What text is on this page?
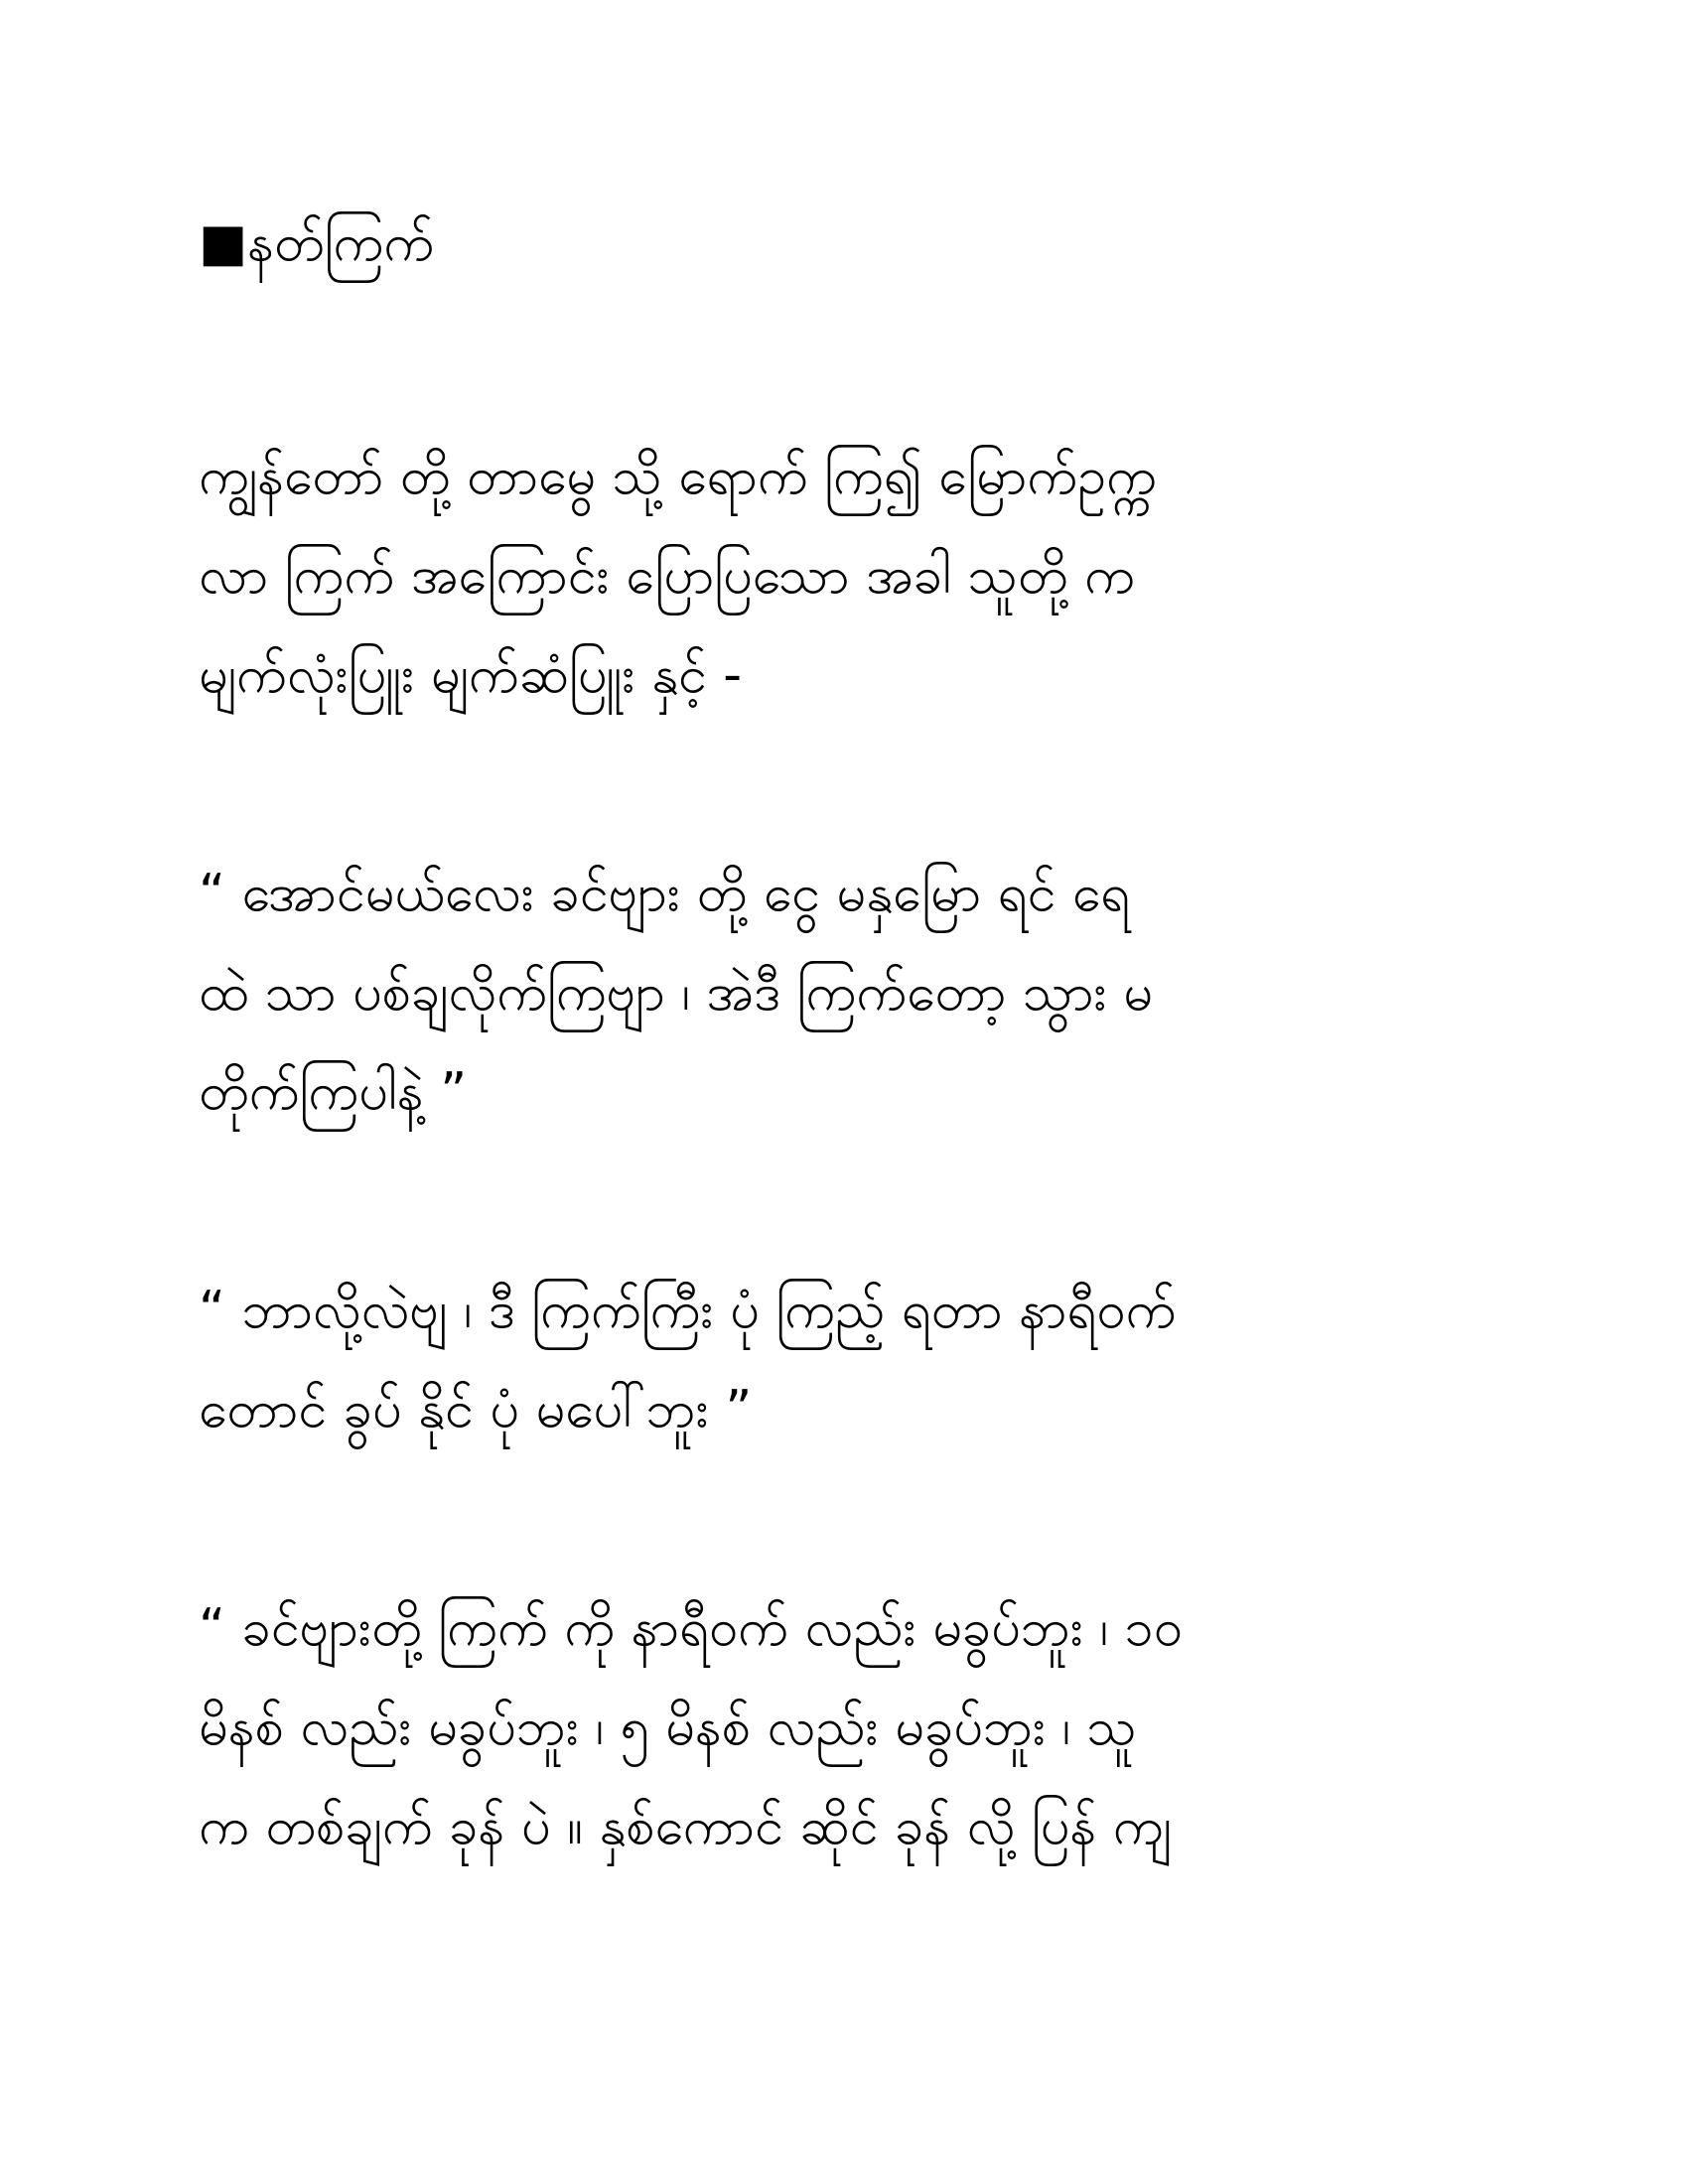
■နတ်ကြက်
ကျွန်တော် တို့ တာမွေ သို့ ရောက် ကြ၍ မြောက်ဥက္က
လာ ကြက် အကြောင်း ပြောပြသော အခါ သူတို့ က
မျက်လုံးပြူး မျက်ဆံပြူး နှင့် -
“ အောင်မယ်လေး ခင်ဗျား တို့ ငွေ မနှမြော ရင် ရေ
ထဲ သာ ပစ်ချလိုက်ကြဗျာ ၊ အဲဒီ ကြက်တော့ သွား မ
တိုက်ကြပါနဲ့ ”
“ ဘာလို့လဲဗျ ၊ ဒီ ကြက်ကြီး ပုံ ကြည့် ရတာ နာရီဝက်
တောင် ခွပ် နိုင် ပုံ မပေါ်ဘူး ”
“ ခင်ဗျားတို့ ကြက် ကို နာရီဝက် လည်း မခွပ်ဘူး ၊ ၁၀
မိနစ် လည်း မခွပ်ဘူး ၊ ၅ မိနစ် လည်း မခွပ်ဘူး ၊ သူ
က တစ်ချက် ခုန် ပဲ ။ နှစ်ကောင် ဆိုင် ခုန် လို့ ပြန် ကျ
